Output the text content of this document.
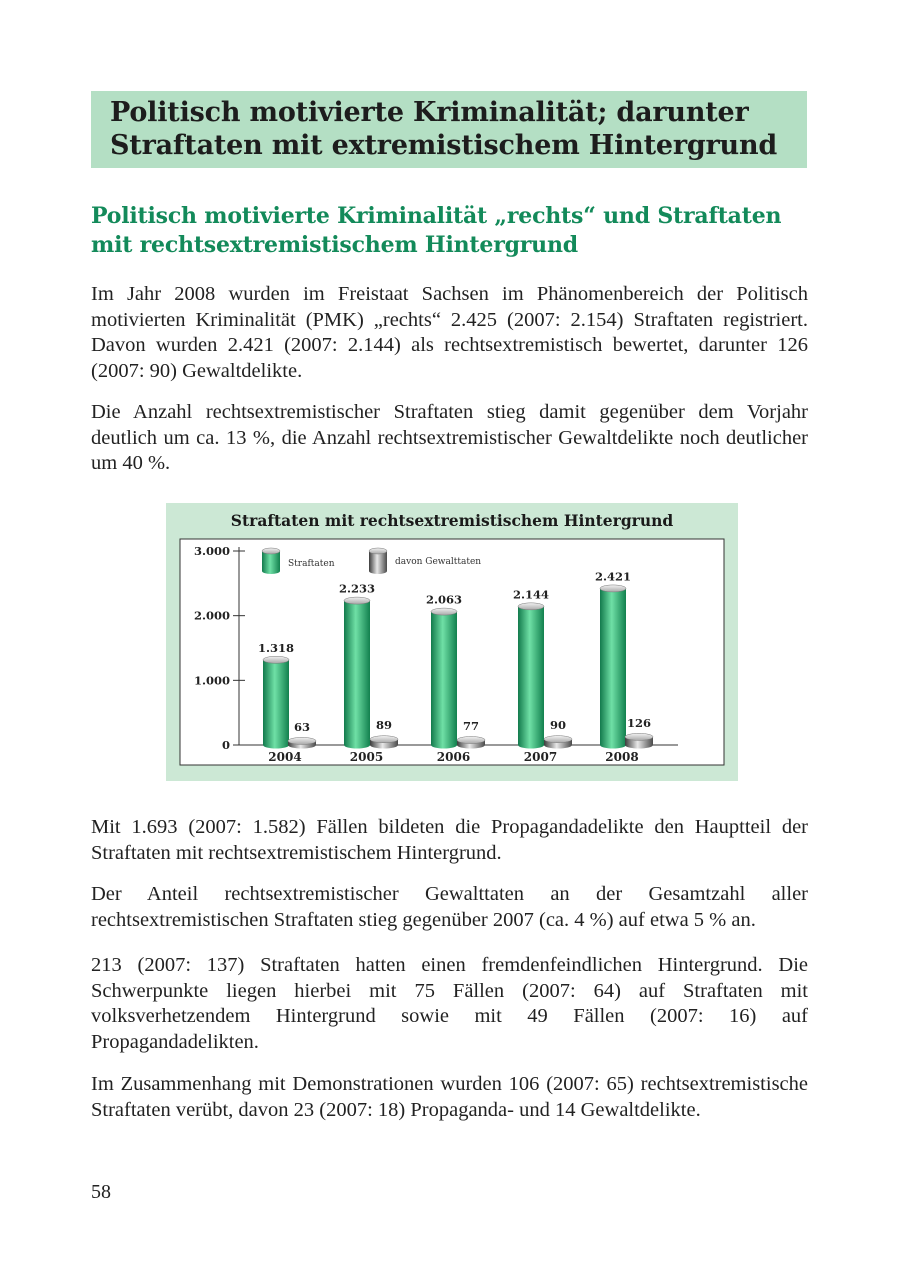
Politisch motivierte Kriminalität; darunter
Straftaten mit extremistischem Hintergrund
Politisch motivierte Kriminalität „rechts“ und Straftaten
mit rechtsextremistischem Hintergrund

Im Jahr 2008 wurden im Freistaat Sachsen im Phänomenbereich der Politisch motivierten Kriminalität (PMK) „rechts“ 2.425 (2007: 2.154) Straftaten registriert. Davon wurden 2.421 (2007: 2.144) als rechtsextremistisch bewertet, darunter 126 (2007: 90) Gewaltdelikte.

Die Anzahl rechtsextremistischer Straftaten stieg damit gegenüber dem Vorjahr deutlich um ca. 13 %, die Anzahl rechtsextremistischer Gewaltdelikte noch deutlicher um 40 %.

Straftaten mit rechtsextremistischem Hintergrund
0
1.000
2.000
3.000
1.318
63
2004
2.233
89
2005
2.063
77
2006
2.144
90
2007
2.421
126
2008
Straftaten	davon Gewalttaten

Mit 1.693 (2007: 1.582) Fällen bildeten die Propagandadelikte den Hauptteil der Straftaten mit rechtsextremistischem Hintergrund.

Der Anteil rechtsextremistischer Gewalttaten an der Gesamtzahl aller rechtsextremistischen Straftaten stieg gegenüber 2007 (ca. 4 %) auf etwa 5 % an.

213 (2007: 137) Straftaten hatten einen fremdenfeindlichen Hintergrund. Die Schwerpunkte liegen hierbei mit 75 Fällen (2007: 64) auf Straftaten mit volksverhetzendem Hintergrund sowie mit 49 Fällen (2007: 16) auf Propagandadelikten.

Im Zusammenhang mit Demonstrationen wurden 106 (2007: 65) rechtsextremistische Straftaten verübt, davon 23 (2007: 18) Propaganda- und 14 Gewaltdelikte.

58
